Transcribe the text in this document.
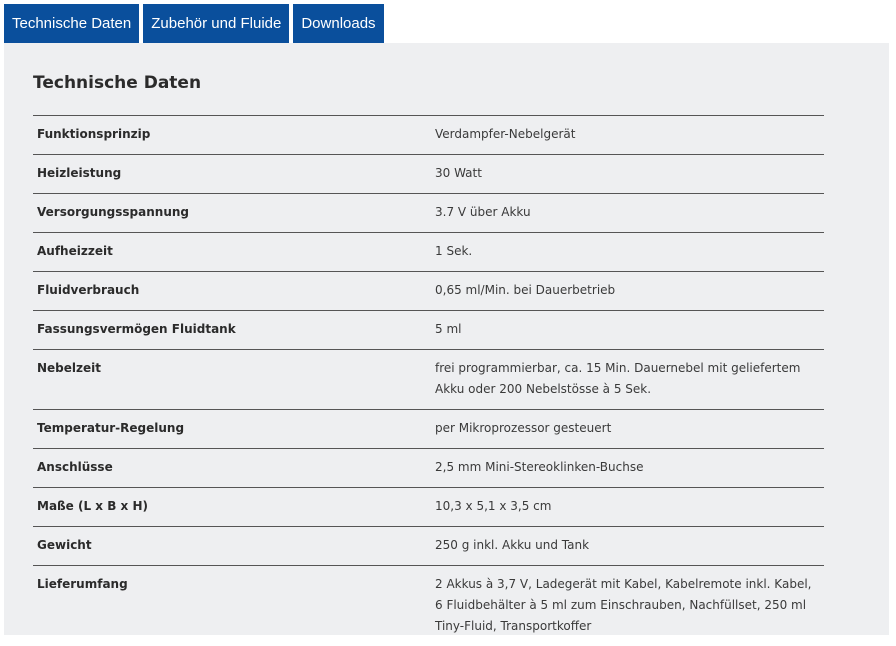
Technische Daten	Zubehör und Fluide	Downloads
Technische Daten
Funktionsprinzip	Verdampfer-Nebelgerät
Heizleistung	30 Watt
Versorgungsspannung	3.7 V über Akku
Aufheizzeit	1 Sek.
Fluidverbrauch	0,65 ml/Min. bei Dauerbetrieb
Fassungsvermögen Fluidtank	5 ml
Nebelzeit	frei programmierbar, ca. 15 Min. Dauernebel mit geliefertem Akku oder 200 Nebelstösse à 5 Sek.
Temperatur-Regelung	per Mikroprozessor gesteuert
Anschlüsse	2,5 mm Mini-Stereoklinken-Buchse
Maße (L x B x H)	10,3 x 5,1 x 3,5 cm
Gewicht	250 g inkl. Akku und Tank
Lieferumfang	2 Akkus à 3,7 V, Ladegerät mit Kabel, Kabelremote inkl. Kabel, 6 Fluidbehälter à 5 ml zum Einschrauben, Nachfüllset, 250 ml Tiny-Fluid, Transportkoffer
